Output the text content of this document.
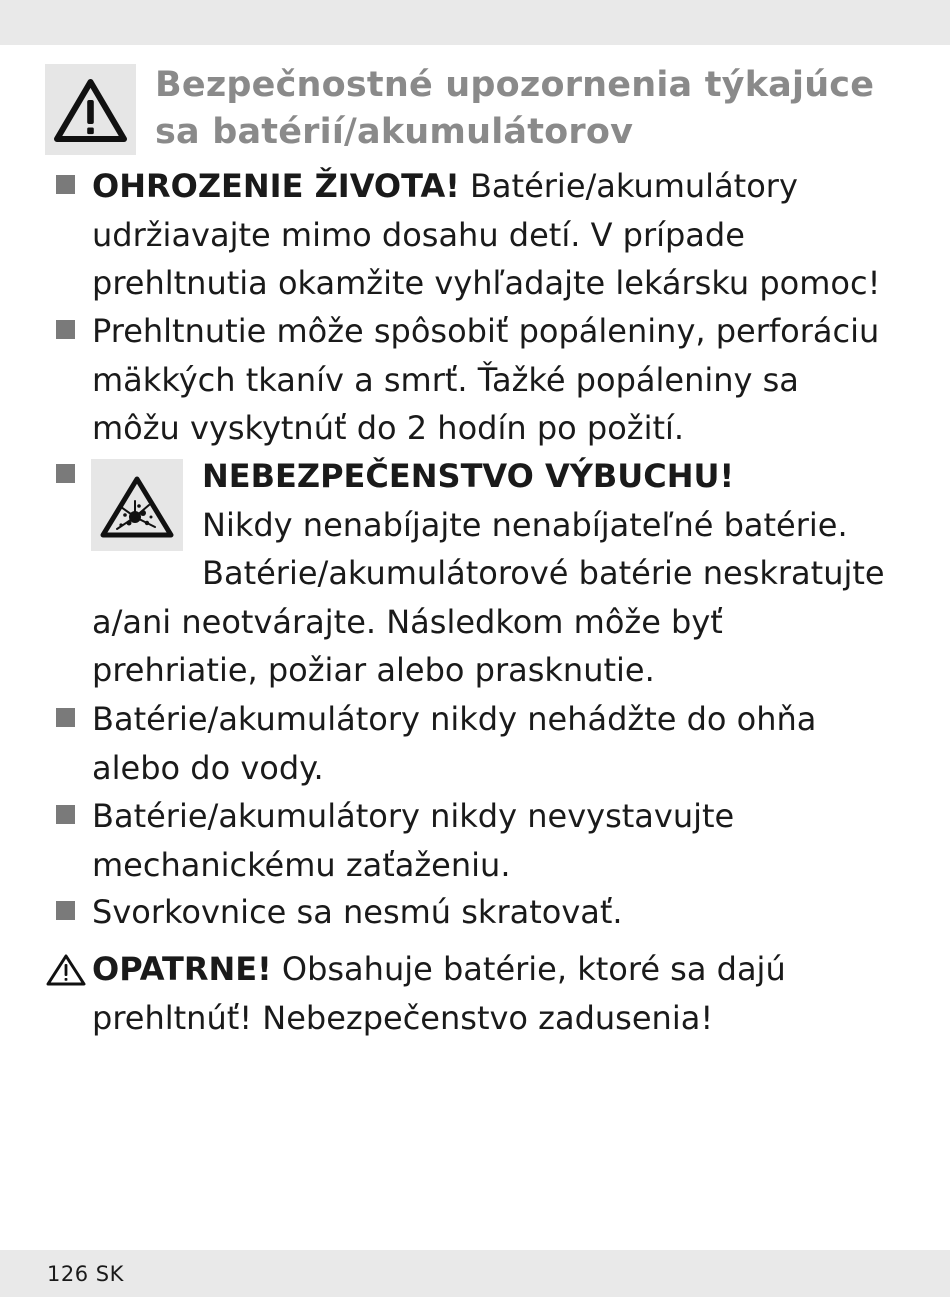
Bezpečnostné upozornenia týkajúce
sa batérií/akumulátorov
OHROZENIE ŽIVOTA! Batérie/akumulátory
udržiavajte mimo dosahu detí. V prípade
prehltnutia okamžite vyhľadajte lekársku pomoc!
Prehltnutie môže spôsobiť popáleniny, perforáciu
mäkkých tkanív a smrť. Ťažké popáleniny sa
môžu vyskytnúť do 2 hodín po požití.
NEBEZPEČENSTVO VÝBUCHU!
Nikdy nenabíjajte nenabíjateľné batérie.
Batérie/akumulátorové batérie neskratujte
a/ani neotvárajte. Následkom môže byť
prehriatie, požiar alebo prasknutie.
Batérie/akumulátory nikdy nehádžte do ohňa
alebo do vody.
Batérie/akumulátory nikdy nevystavujte
mechanickému zaťaženiu.
Svorkovnice sa nesmú skratovať.
OPATRNE! Obsahuje batérie, ktoré sa dajú
prehltnúť! Nebezpečenstvo zadusenia!
126 SK
